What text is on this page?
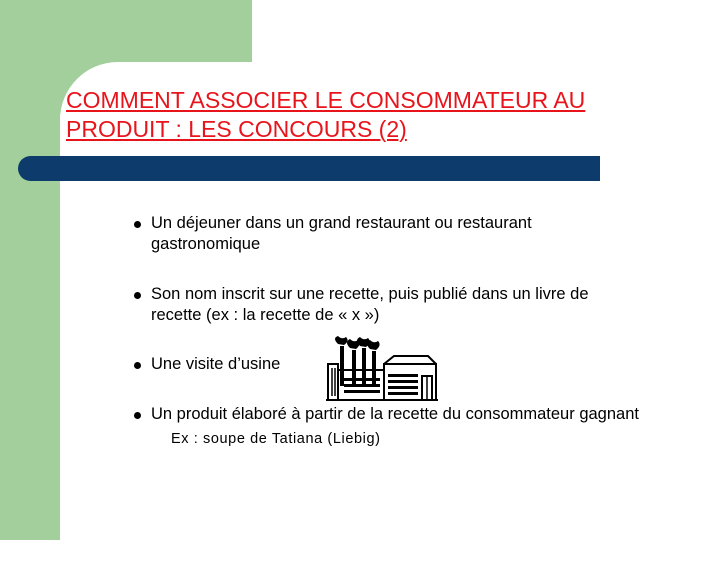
COMMENT ASSOCIER LE CONSOMMATEUR AU
PRODUIT : LES CONCOURS (2)
Un déjeuner dans un grand restaurant ou restaurant
gastronomique
Son nom inscrit sur une recette, puis publié dans un livre de
recette (ex : la recette de « x »)
Une visite d’usine
Un produit élaboré à partir de la recette du consommateur gagnant
Ex : soupe de Tatiana (Liebig)
